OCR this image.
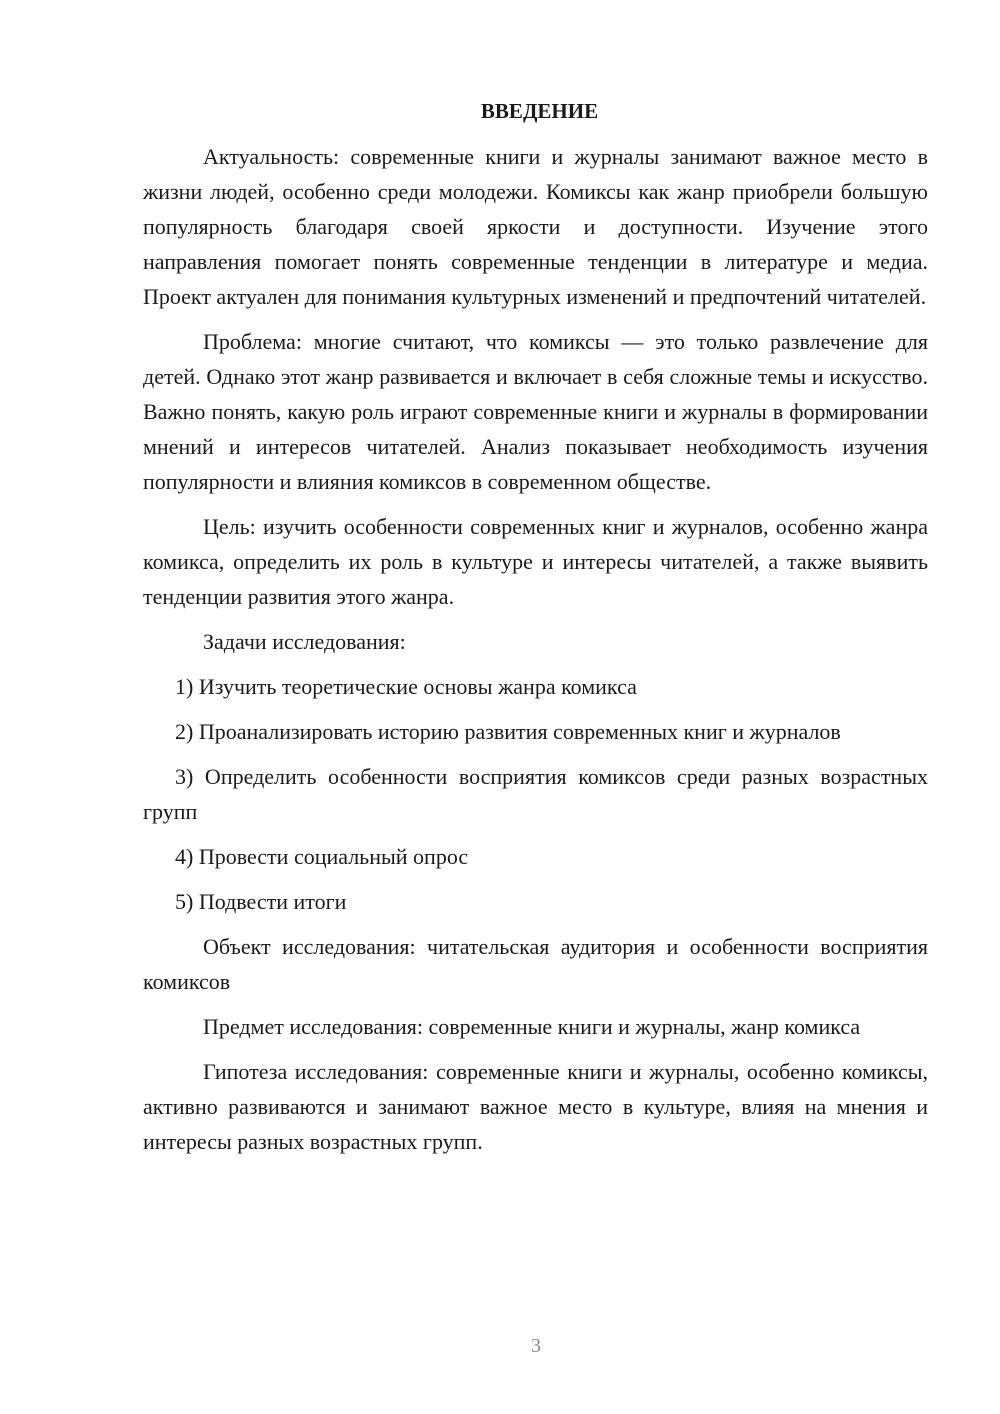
ВВЕДЕНИЕ

Актуальность: современные книги и журналы занимают важное место в жизни людей, особенно среди молодежи. Комиксы как жанр приобрели большую популярность благодаря своей яркости и доступности. Изучение этого направления помогает понять современные тенденции в литературе и медиа. Проект актуален для понимания культурных изменений и предпочтений читателей.

Проблема: многие считают, что комиксы — это только развлечение для детей. Однако этот жанр развивается и включает в себя сложные темы и искусство. Важно понять, какую роль играют современные книги и журналы в формировании мнений и интересов читателей. Анализ показывает необходимость изучения популярности и влияния комиксов в современном обществе.

Цель: изучить особенности современных книг и журналов, особенно жанра комикса, определить их роль в культуре и интересы читателей, а также выявить тенденции развития этого жанра.

Задачи исследования:

1) Изучить теоретические основы жанра комикса

2) Проанализировать историю развития современных книг и журналов

3) Определить особенности восприятия комиксов среди разных возрастных групп

4) Провести социальный опрос

5) Подвести итоги

Объект исследования: читательская аудитория и особенности восприятия комиксов

Предмет исследования: современные книги и журналы, жанр комикса

Гипотеза исследования: современные книги и журналы, особенно комиксы, активно развиваются и занимают важное место в культуре, влияя на мнения и интересы разных возрастных групп.

3
